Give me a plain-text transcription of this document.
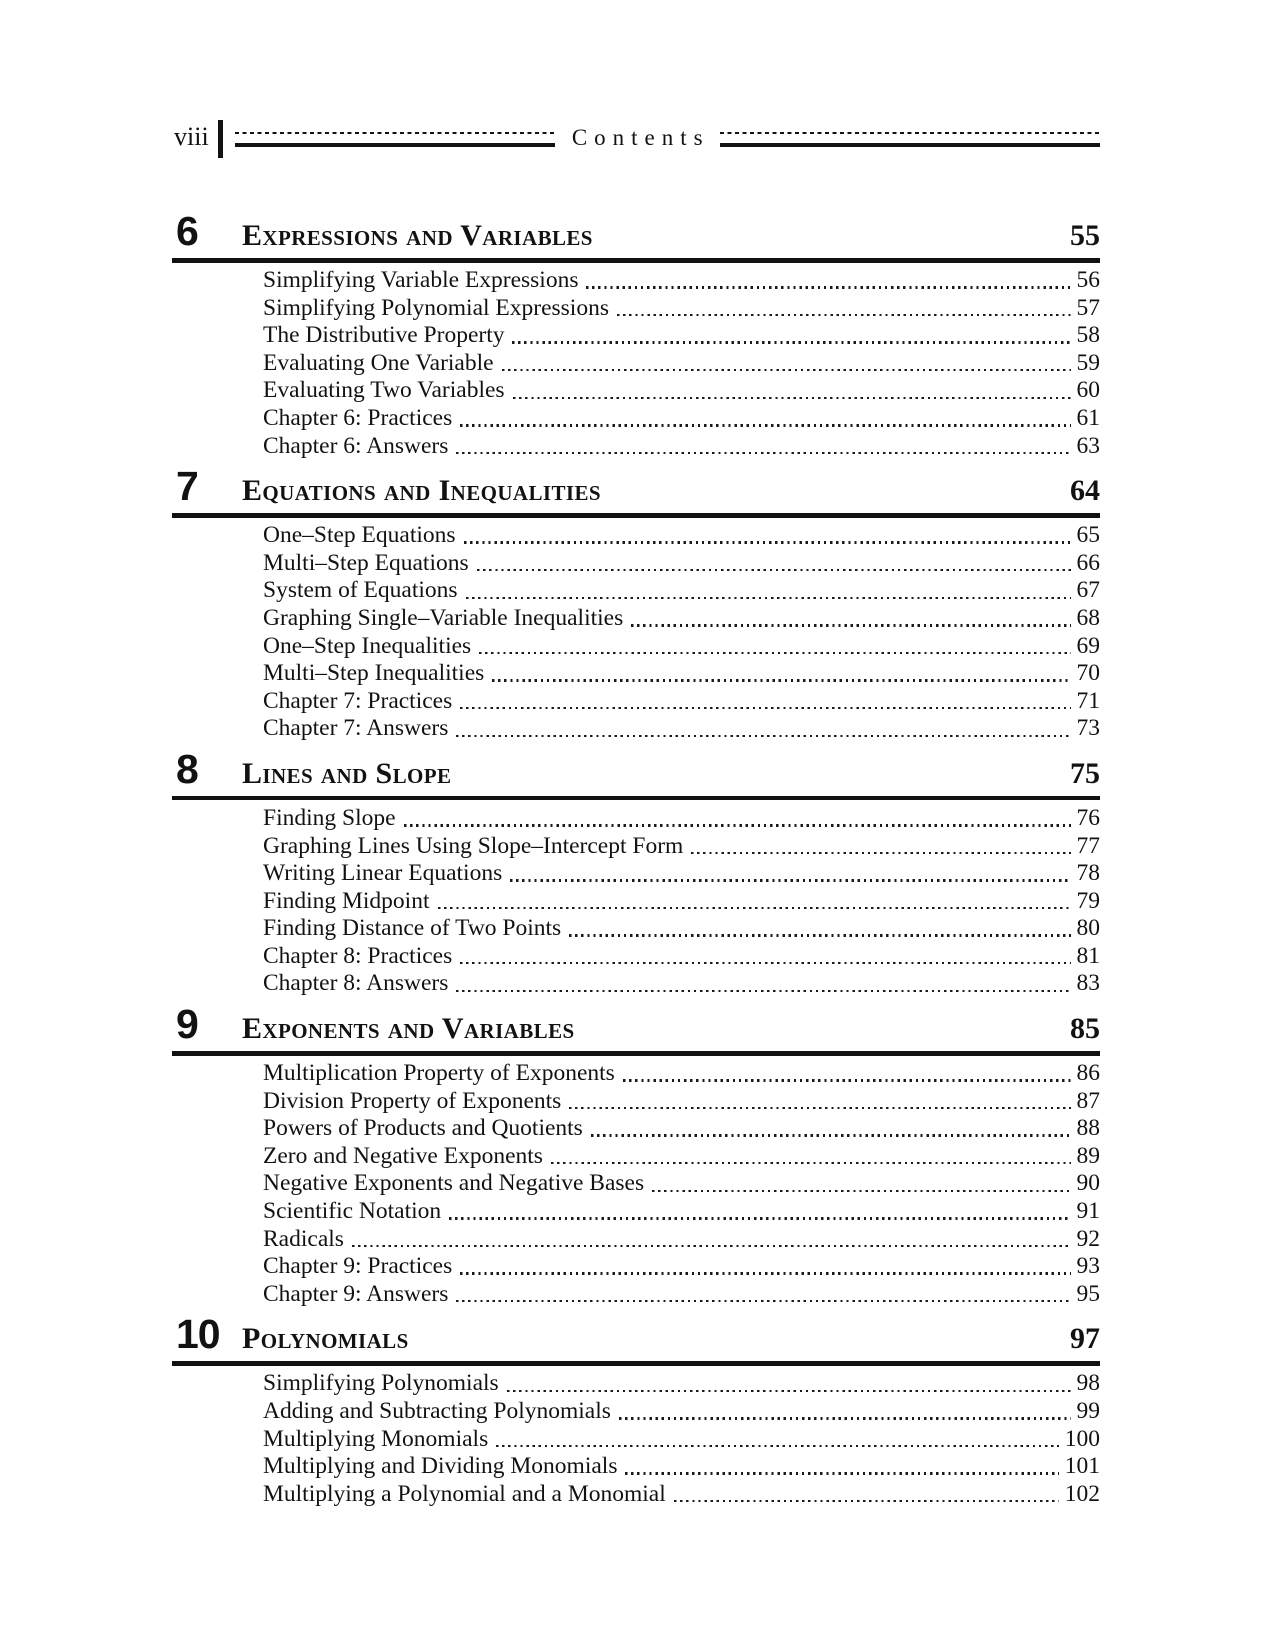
viii	Contents
6	Expressions and Variables	55
Simplifying Variable Expressions	56
Simplifying Polynomial Expressions	57
The Distributive Property	58
Evaluating One Variable	59
Evaluating Two Variables	60
Chapter 6: Practices	61
Chapter 6: Answers	63
7	Equations and Inequalities	64
One–Step Equations	65
Multi–Step Equations	66
System of Equations	67
Graphing Single–Variable Inequalities	68
One–Step Inequalities	69
Multi–Step Inequalities	70
Chapter 7: Practices	71
Chapter 7: Answers	73
8	Lines and Slope	75
Finding Slope	76
Graphing Lines Using Slope–Intercept Form	77
Writing Linear Equations	78
Finding Midpoint	79
Finding Distance of Two Points	80
Chapter 8: Practices	81
Chapter 8: Answers	83
9	Exponents and Variables	85
Multiplication Property of Exponents	86
Division Property of Exponents	87
Powers of Products and Quotients	88
Zero and Negative Exponents	89
Negative Exponents and Negative Bases	90
Scientific Notation	91
Radicals	92
Chapter 9: Practices	93
Chapter 9: Answers	95
10 Polynomials	97
Simplifying Polynomials	98
Adding and Subtracting Polynomials	99
Multiplying Monomials	100
Multiplying and Dividing Monomials	101
Multiplying a Polynomial and a Monomial	102
